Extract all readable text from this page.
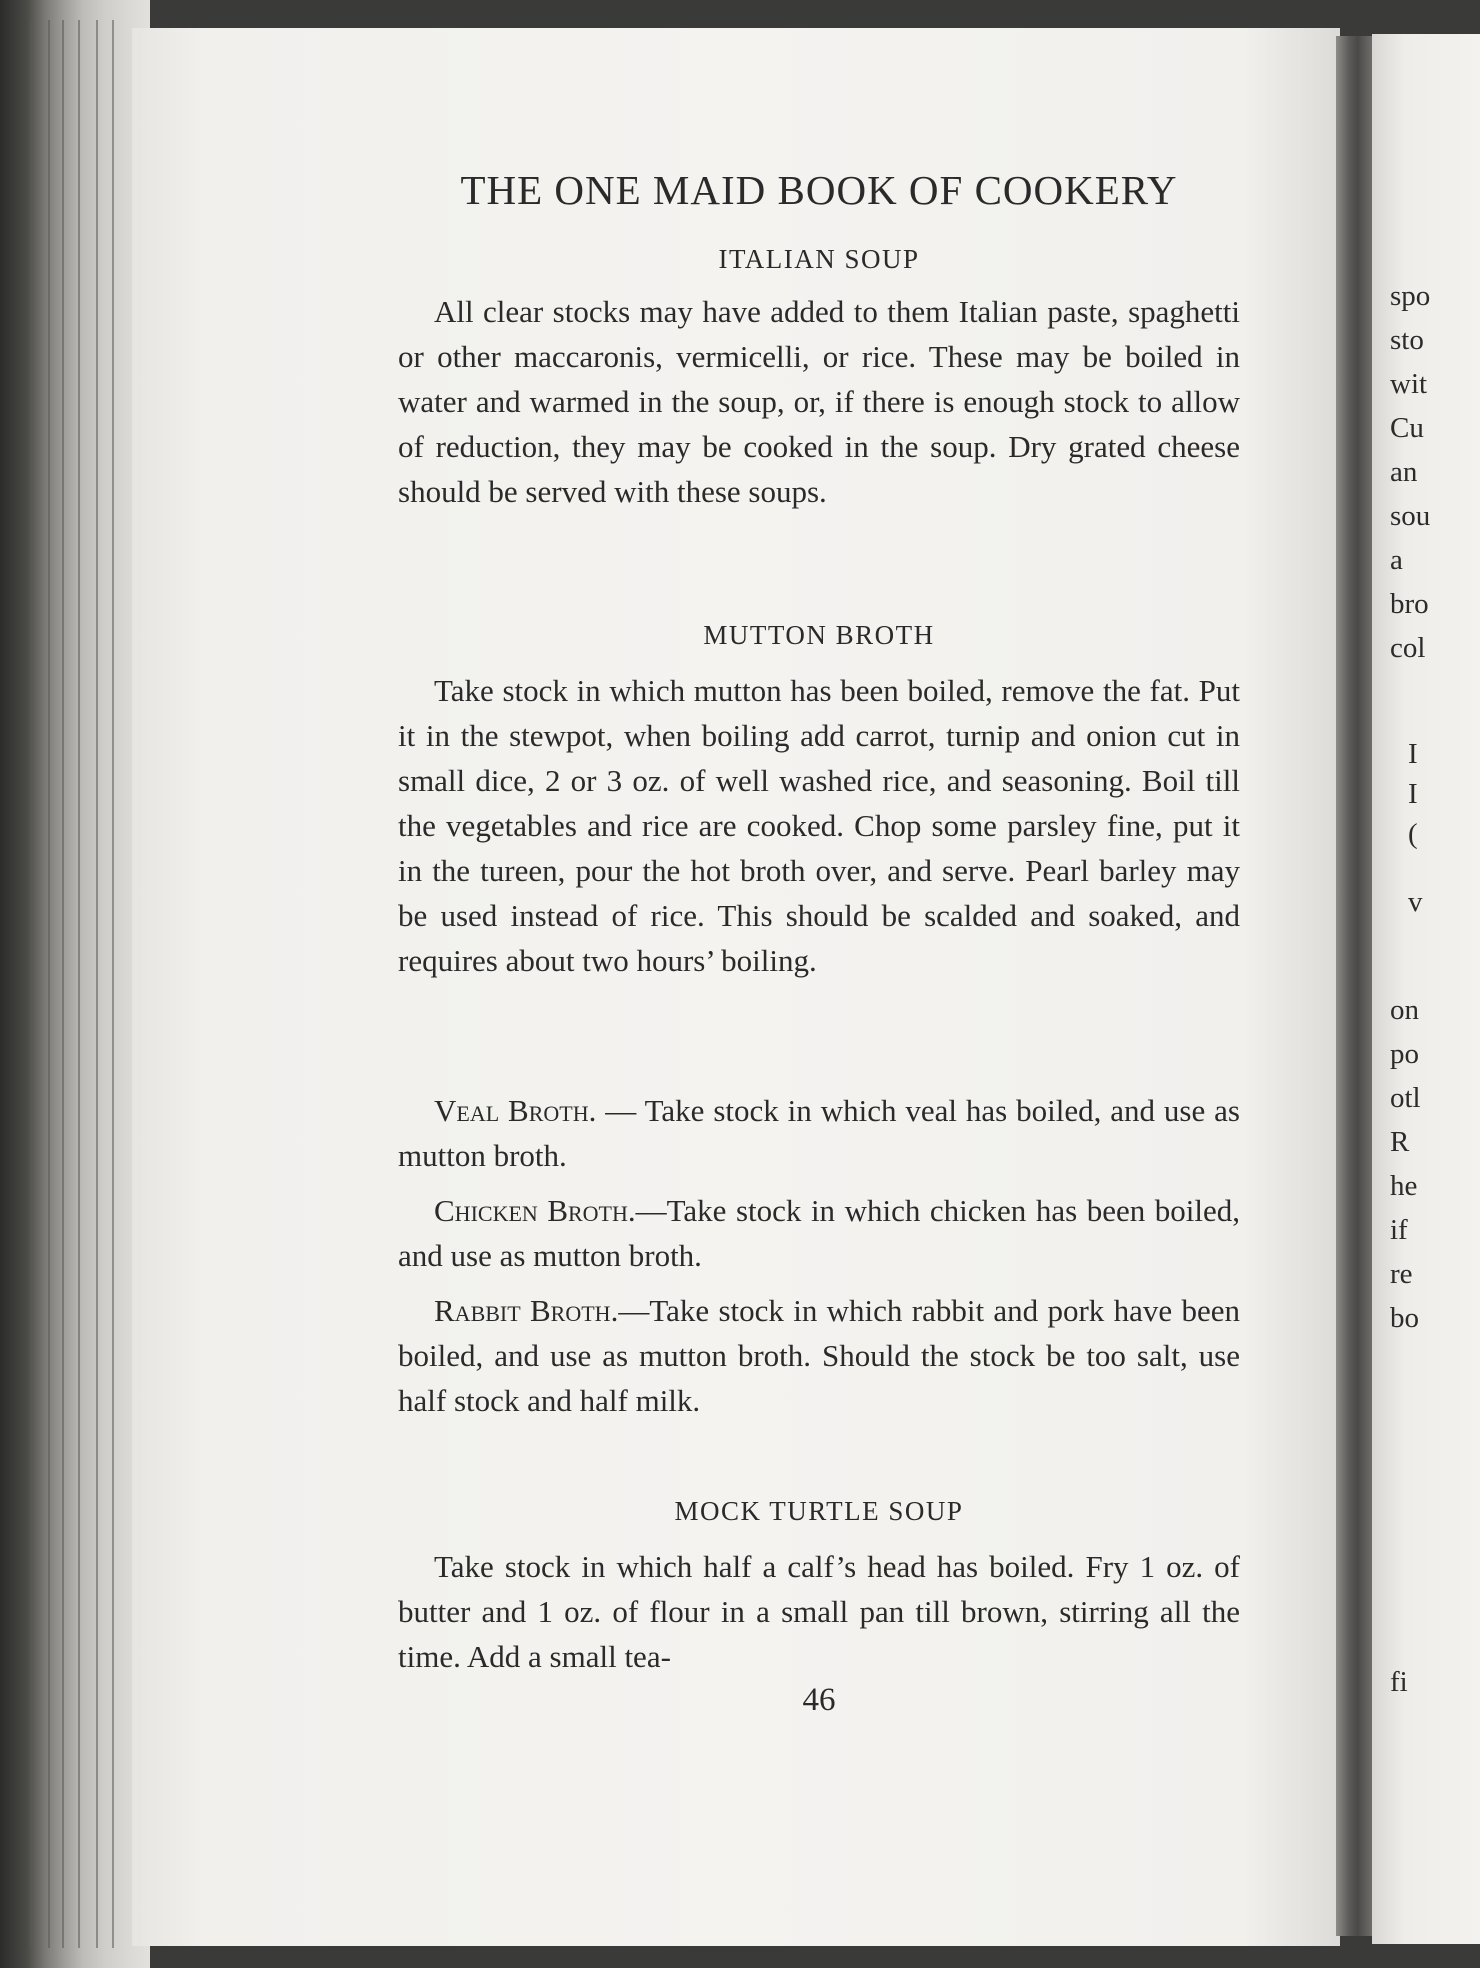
spo
sto
wit
Cu
an
sou
a
bro
col
I
I
(
v
on
po
otl
R
he
if
re
bo
fi
THE ONE MAID BOOK OF COOKERY
ITALIAN SOUP

All clear stocks may have added to them Italian paste, spaghetti or other maccaronis, vermicelli, or rice. These may be boiled in water and warmed in the soup, or, if there is enough stock to allow of reduction, they may be cooked in the soup. Dry grated cheese should be served with these soups.

MUTTON BROTH

Take stock in which mutton has been boiled, remove the fat. Put it in the stewpot, when boiling add carrot, turnip and onion cut in small dice, 2 or 3 oz. of well washed rice, and seasoning. Boil till the vegetables and rice are cooked. Chop some parsley fine, put it in the tureen, pour the hot broth over, and serve. Pearl barley may be used instead of rice. This should be scalded and soaked, and requires about two hours’ boiling.

Veal Broth. — Take stock in which veal has boiled, and use as mutton broth.

Chicken Broth.—Take stock in which chicken has been boiled, and use as mutton broth.

Rabbit Broth.—Take stock in which rabbit and pork have been boiled, and use as mutton broth. Should the stock be too salt, use half stock and half milk.

MOCK TURTLE SOUP

Take stock in which half a calf’s head has boiled. Fry 1 oz. of butter and 1 oz. of flour in a small pan till brown, stirring all the time. Add a small tea-

46
